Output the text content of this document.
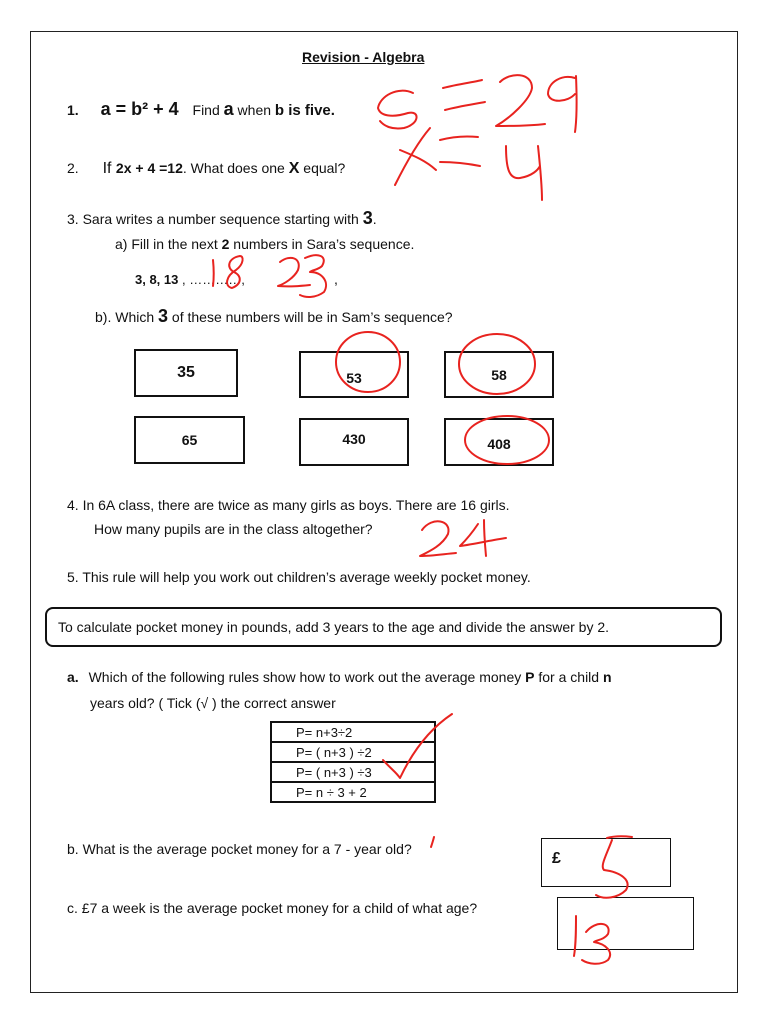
Revision - Algebra
1. a = b² + 4 Find a when b is five.
2. If 2x + 4 =12. What does one X equal?
3. Sara writes a number sequence starting with 3.
a) Fill in the next 2 numbers in Sara’s sequence.
3, 8, 13 , …………,	,
b). Which 3 of these numbers will be in Sam’s sequence?
35	53	58
65	430	408
4. In 6A class, there are twice as many girls as boys. There are 16 girls.
How many pupils are in the class altogether?
5. This rule will help you work out children’s average weekly pocket money.
To calculate pocket money in pounds, add 3 years to the age and divide the answer by 2.
a. Which of the following rules show how to work out the average money P for a child n
years old? ( Tick (√ ) the correct answer
P= n+3÷2
P= ( n+3 ) ÷2
P= ( n+3 ) ÷3
P= n ÷ 3 + 2
b. What is the average pocket money for a 7 - year old?
£
c. £7 a week is the average pocket money for a child of what age?
